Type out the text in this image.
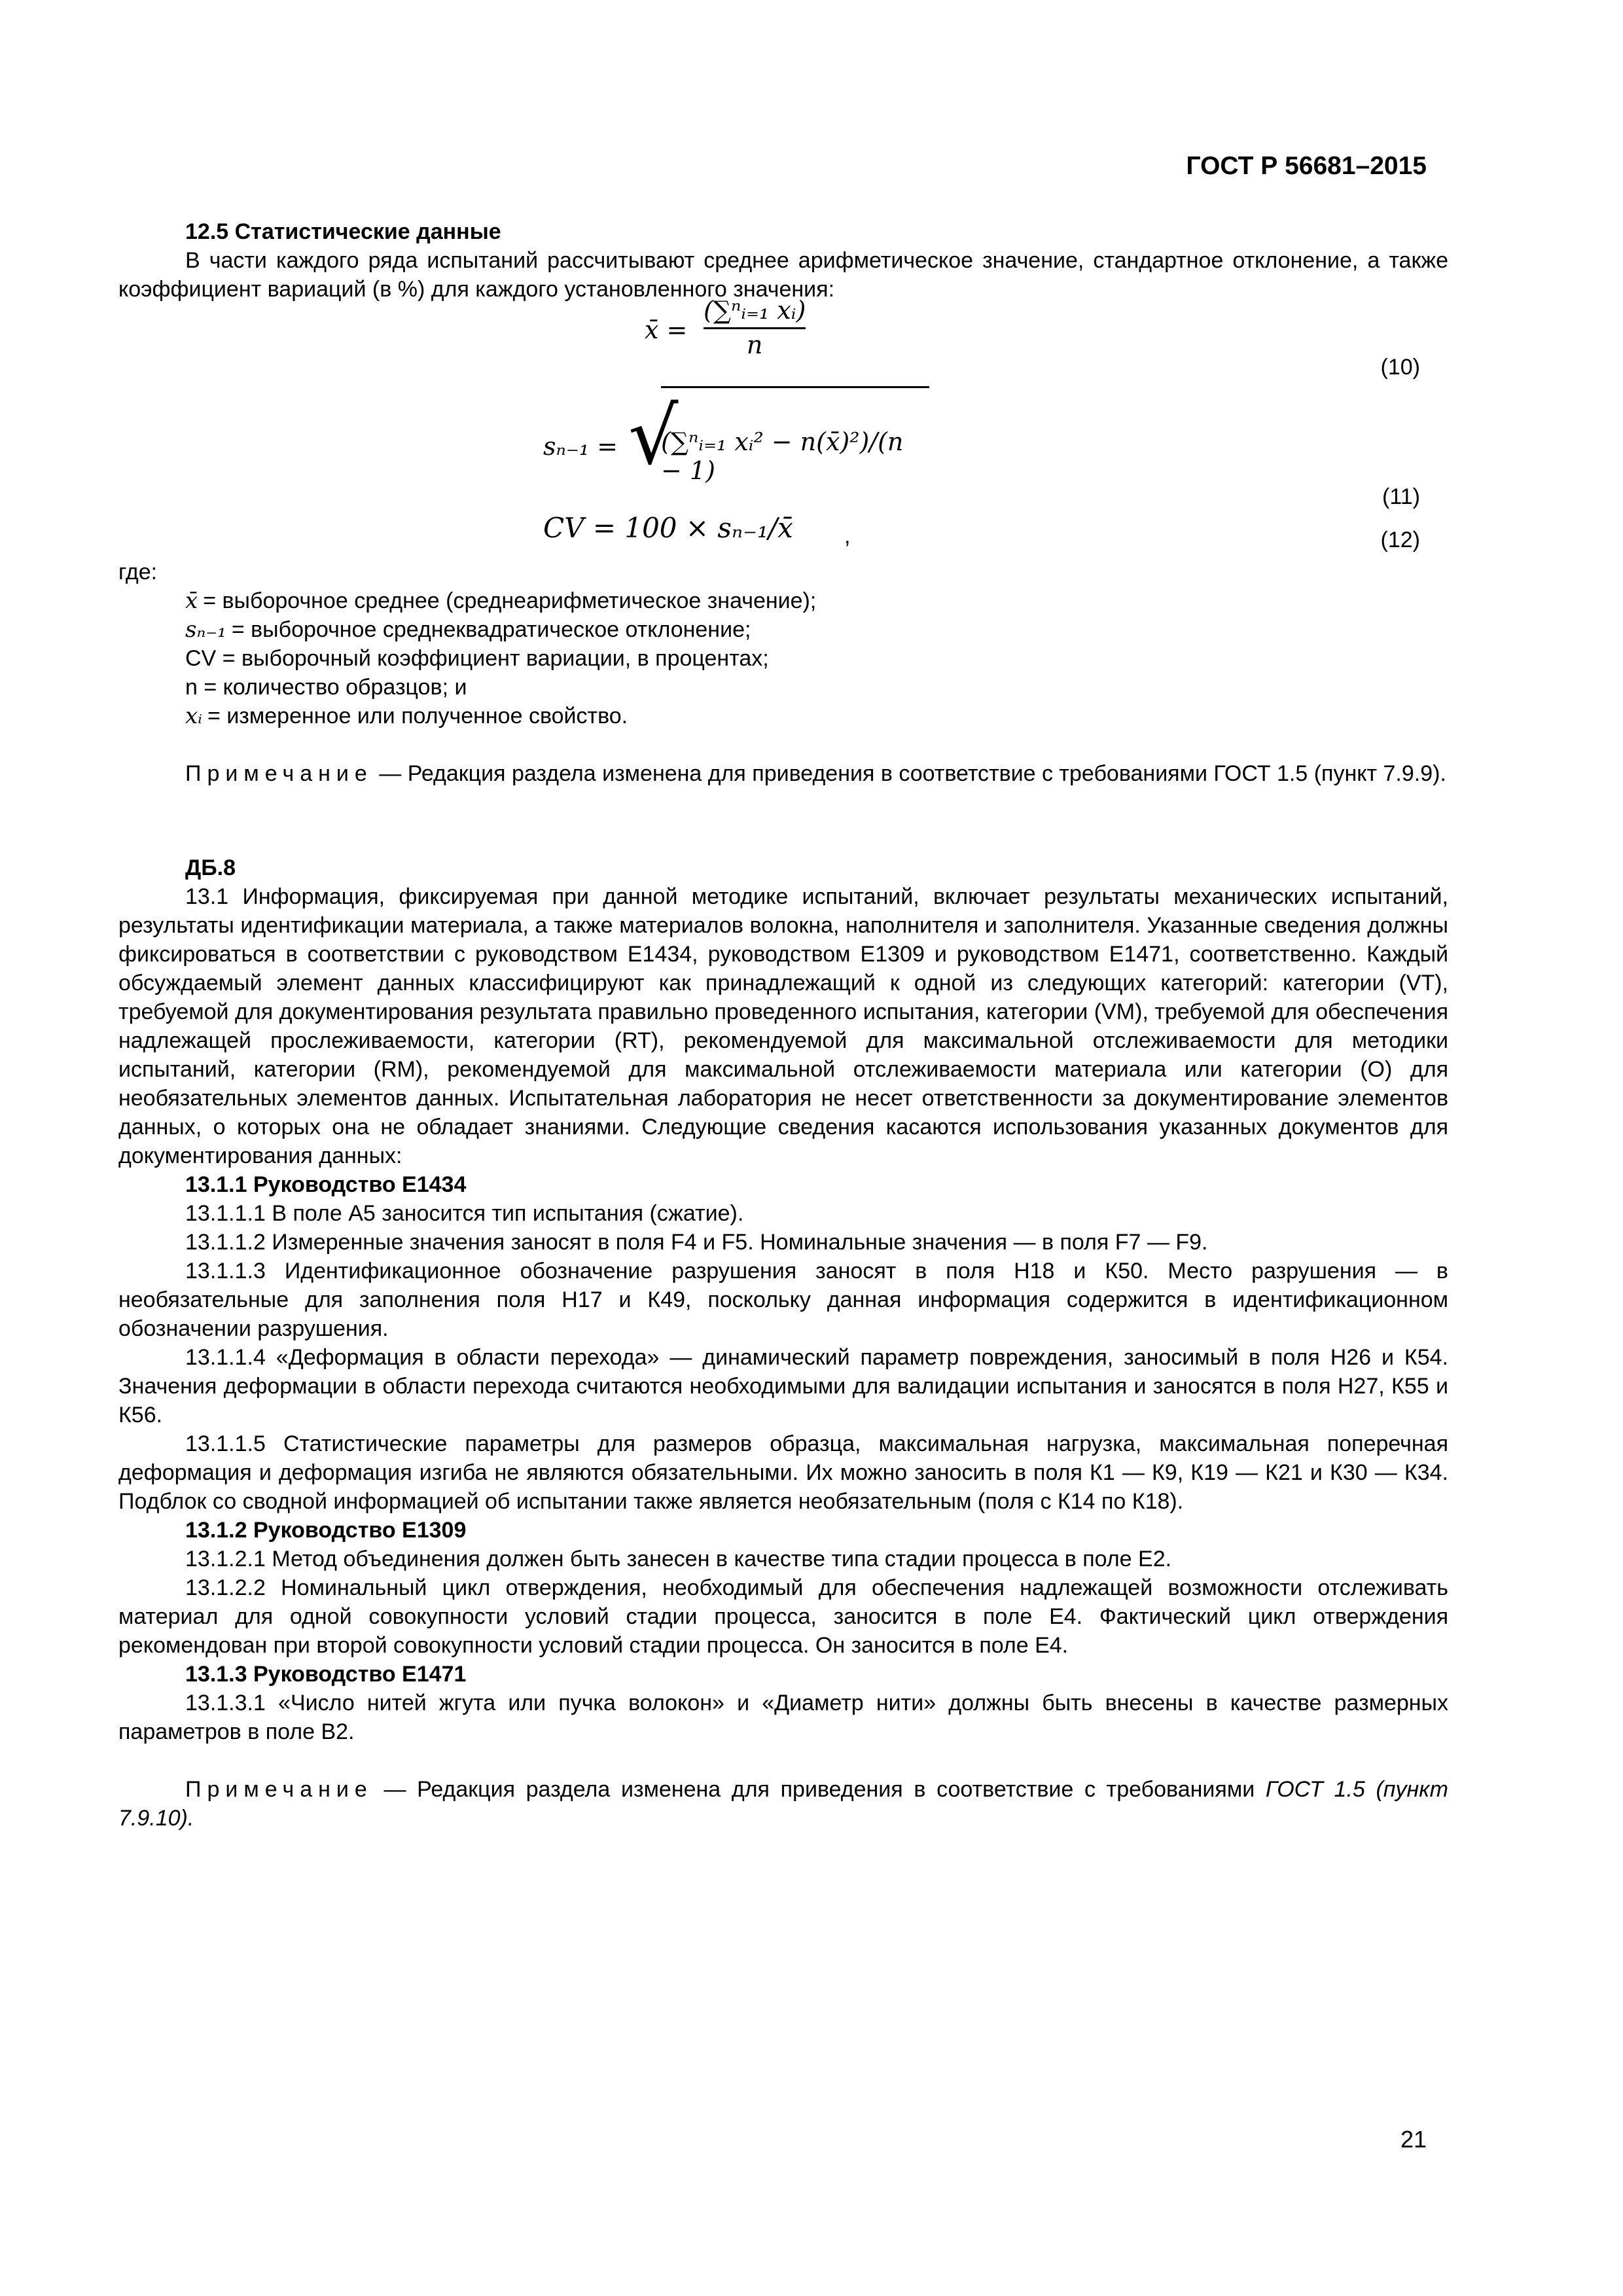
ГОСТ Р 56681–2015

12.5 Статистические данные

В части каждого ряда испытаний рассчитывают среднее арифметическое значение, стандартное отклонение, а также коэффициент вариаций (в %) для каждого установленного значения:

x̄ =
(∑ⁿᵢ₌₁ xᵢ)
n
(10)
sₙ₋₁ = √
(∑ⁿᵢ₌₁ xᵢ² − n(x̄)²)/(n − 1)
(11)
CV = 100 × sₙ₋₁/x̄ ,	(12)

где:

x̄ = выборочное среднее (среднеарифметическое значение);

sₙ₋₁ = выборочное среднеквадратическое отклонение;

CV = выборочный коэффициент вариации, в процентах;

n = количество образцов; и

xᵢ = измеренное или полученное свойство.

Примечание — Редакция раздела изменена для приведения в соответствие с требованиями ГОСТ 1.5 (пункт 7.9.9).

ДБ.8

13.1 Информация, фиксируемая при данной методике испытаний, включает результаты механических испытаний, результаты идентификации материала, а также материалов волокна, наполнителя и заполнителя. Указанные сведения должны фиксироваться в соответствии с руководством Е1434, руководством Е1309 и руководством Е1471, соответственно. Каждый обсуждаемый элемент данных классифицируют как принадлежащий к одной из следующих категорий: категории (VT), требуемой для документирования результата правильно проведенного испытания, категории (VM), требуемой для обеспечения надлежащей прослеживаемости, категории (RT), рекомендуемой для максимальной отслеживаемости для методики испытаний, категории (RM), рекомендуемой для максимальной отслеживаемости материала или категории (О) для необязательных элементов данных. Испытательная лаборатория не несет ответственности за документирование элементов данных, о которых она не обладает знаниями. Следующие сведения касаются использования указанных документов для документирования данных:

13.1.1 Руководство Е1434

13.1.1.1 В поле А5 заносится тип испытания (сжатие).

13.1.1.2 Измеренные значения заносят в поля F4 и F5. Номинальные значения — в поля F7 — F9.

13.1.1.3 Идентификационное обозначение разрушения заносят в поля Н18 и К50. Место разрушения — в необязательные для заполнения поля Н17 и К49, поскольку данная информация содержится в идентификационном обозначении разрушения.

13.1.1.4 «Деформация в области перехода» — динамический параметр повреждения, заносимый в поля Н26 и К54. Значения деформации в области перехода считаются необходимыми для валидации испытания и заносятся в поля Н27, К55 и К56.

13.1.1.5 Статистические параметры для размеров образца, максимальная нагрузка, максимальная поперечная деформация и деформация изгиба не являются обязательными. Их можно заносить в поля К1 — К9, К19 — К21 и К30 — К34. Подблок со сводной информацией об испытании также является необязательным (поля с К14 по К18).

13.1.2 Руководство Е1309

13.1.2.1 Метод объединения должен быть занесен в качестве типа стадии процесса в поле Е2.

13.1.2.2 Номинальный цикл отверждения, необходимый для обеспечения надлежащей возможности отслеживать материал для одной совокупности условий стадии процесса, заносится в поле Е4. Фактический цикл отверждения рекомендован при второй совокупности условий стадии процесса. Он заносится в поле Е4.

13.1.3 Руководство Е1471

13.1.3.1 «Число нитей жгута или пучка волокон» и «Диаметр нити» должны быть внесены в качестве размерных параметров в поле В2.

Примечание — Редакция раздела изменена для приведения в соответствие с требованиями ГОСТ 1.5 (пункт 7.9.10).

21
